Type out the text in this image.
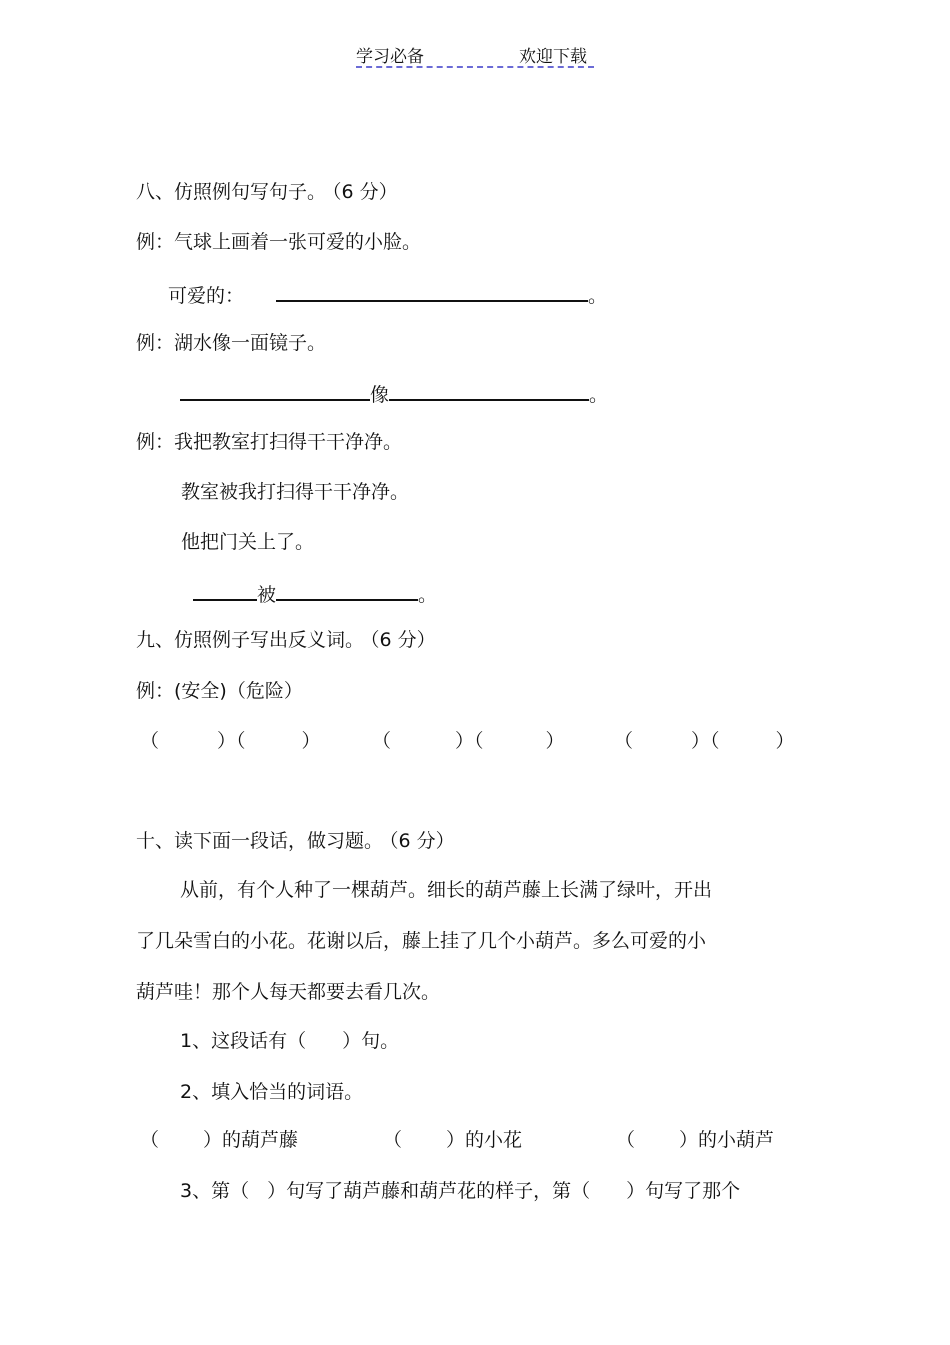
学习必备	欢迎下载
八、仿照例句写句子。 （6 分）
例：气球上画着一张可爱的小脸。
可爱的：	。
例：湖水像一面镜子。
像	。
例：我把教室打扫得干干净净。
教室被我打扫得干干净净。
他把门关上了。
被	。
九、仿照例子写出反义词。 （6 分）
例：(安全)（危险）
（	）（	）	（	）（	）	（	）（	）
十、读下面一段话，做习题。 （6 分）
从前，有个人种了一棵葫芦。细长的葫芦藤上长满了绿叶，开出
了几朵雪白的小花。花谢以后，藤上挂了几个小葫芦。多么可爱的小
葫芦哇！那个人每天都要去看几次。
1、这段话有（ ）句。
2、填入恰当的词语。
（ ）的葫芦藤	（ ）的小花	（ ）的小葫芦
3、第（ ）句写了葫芦藤和葫芦花的样子，第（ ）句写了那个
